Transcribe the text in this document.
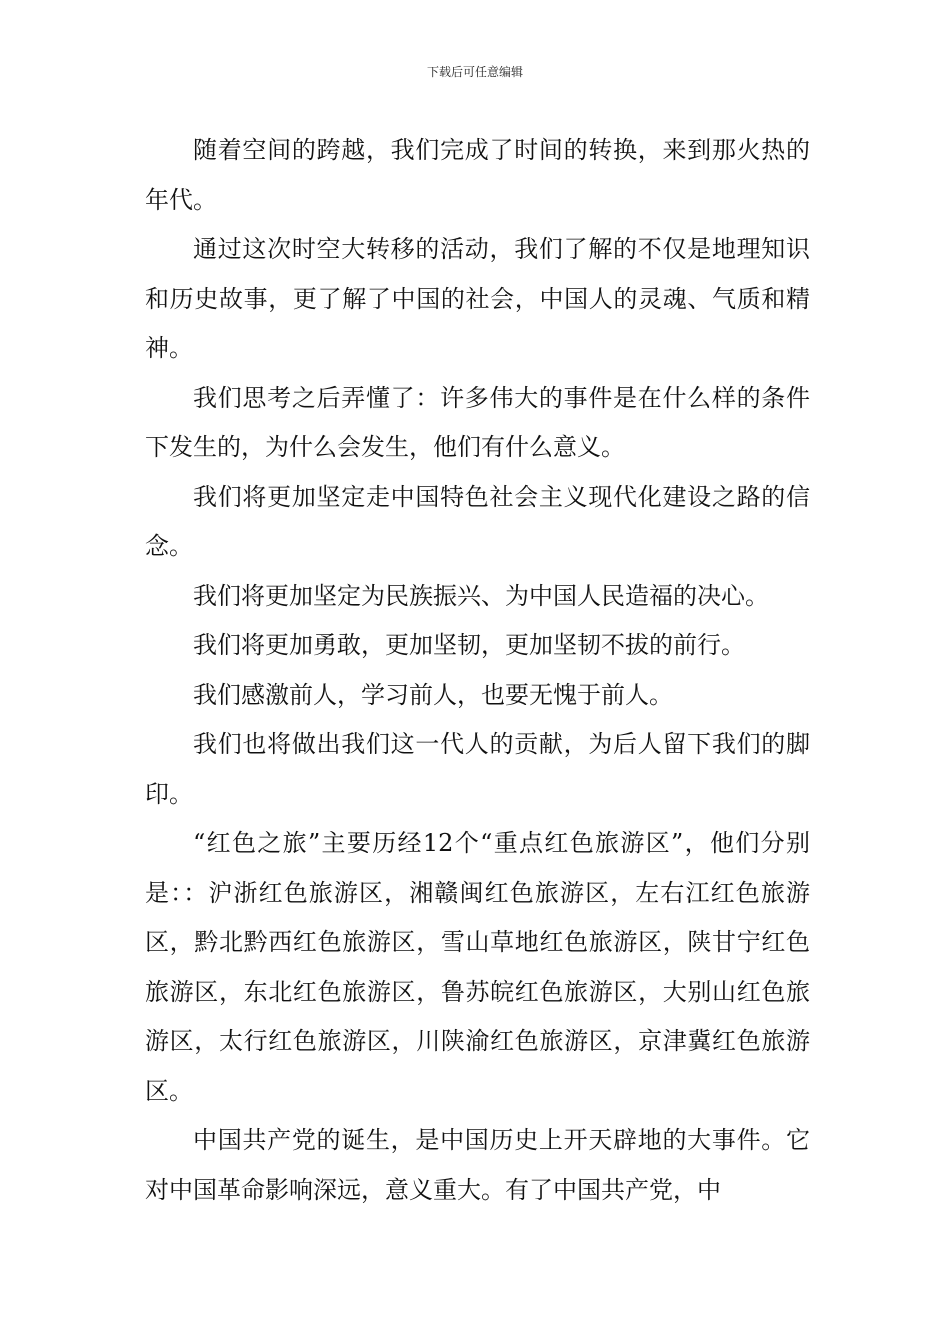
下载后可任意编辑

随着空间的跨越，我们完成了时间的转换，来到那火热的年代。

通过这次时空大转移的活动，我们了解的不仅是地理知识和历史故事，更了解了中国的社会，中国人的灵魂、气质和精神。

我们思考之后弄懂了：许多伟大的事件是在什么样的条件下发生的，为什么会发生，他们有什么意义。

我们将更加坚定走中国特色社会主义现代化建设之路的信念。

我们将更加坚定为民族振兴、为中国人民造福的决心。

我们将更加勇敢，更加坚韧，更加坚韧不拔的前行。

我们感激前人，学习前人，也要无愧于前人。

我们也将做出我们这一代人的贡献，为后人留下我们的脚印。

“红色之旅”主要历经12个“重点红色旅游区”，他们分别是：：沪浙红色旅游区，湘赣闽红色旅游区，左右江红色旅游区，黔北黔西红色旅游区，雪山草地红色旅游区，陕甘宁红色旅游区，东北红色旅游区，鲁苏皖红色旅游区，大别山红色旅游区，太行红色旅游区，川陕渝红色旅游区，京津冀红色旅游区。

中国共产党的诞生，是中国历史上开天辟地的大事件。它对中国革命影响深远，意义重大。有了中国共产党，中
